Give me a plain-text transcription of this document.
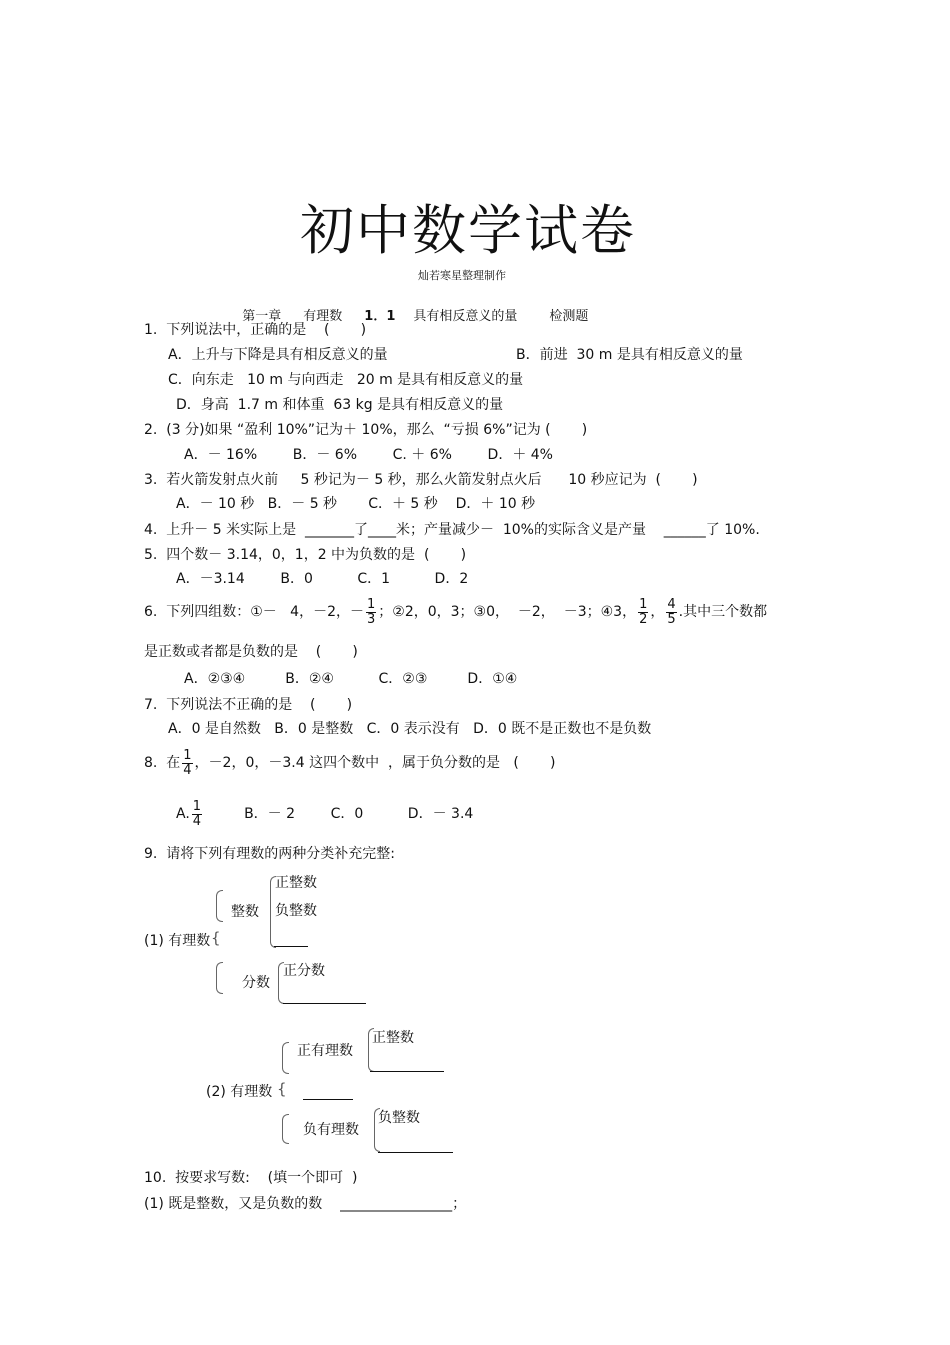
初中数学试卷
灿若寒星整理制作

第一章 有理数 1．1 具有相反意义的量 检测题

1.  下列说法中，正确的是    (       )
A．上升与下降是具有相反意义的量	B．前进  30 m 是具有相反意义的量
C．向东走   10 m 与向西走   20 m 是具有相反意义的量
D．身高  1.7 m 和体重  63 kg 是具有相反意义的量
2.  (3 分)如果 “盈利 10%”记为＋ 10%，那么  “亏损 6%”记为 (       )
A．－ 16%        B．－ 6%        C. ＋ 6%        D．＋ 4%
3.  若火箭发射点火前     5 秒记为－ 5 秒，那么火箭发射点火后      10 秒应记为  (       )
A．－ 10 秒   B．－ 5 秒       C．＋ 5 秒    D．＋ 10 秒
4.  上升－ 5 米实际上是  _______了____米；产量减少－  10%的实际含义是产量    ______了 10%.
5.  四个数－ 3.14，0，1，2 中为负数的是  (       )
A．－3.14        B．0          C．1          D．2
6.  下列四组数：①－   4，－2，－ $\frac{1}{3}$ ；②2，0，3；③0，  －2，  －3；④3， $\frac{1}{2}$ ， $\frac{4}{5}$ .其中三个数都
是正数或者都是负数的是    (       )
A．②③④         B．②④          C．②③         D．①④
7.  下列说法不正确的是    (       )
A．0 是自然数   B．0 是整数   C．0 表示没有   D．0 既不是正数也不是负数
8.  在 $\frac{1}{4}$ ，－2，0，－3.4 这四个数中  ，属于负分数的是   (       )
A. $\frac{1}{4}$	B．－ 2        C．0          D．－ 3.4
9.  请将下列有理数的两种分类补充完整:
(1) 有理数 {
整数
正整数
负整数
分数
正分数
(2) 有理数 {
正有理数
正整数
负有理数
负整数
10.  按要求写数:    (填一个即可  )
(1) 既是整数，又是负数的数    ________________；
